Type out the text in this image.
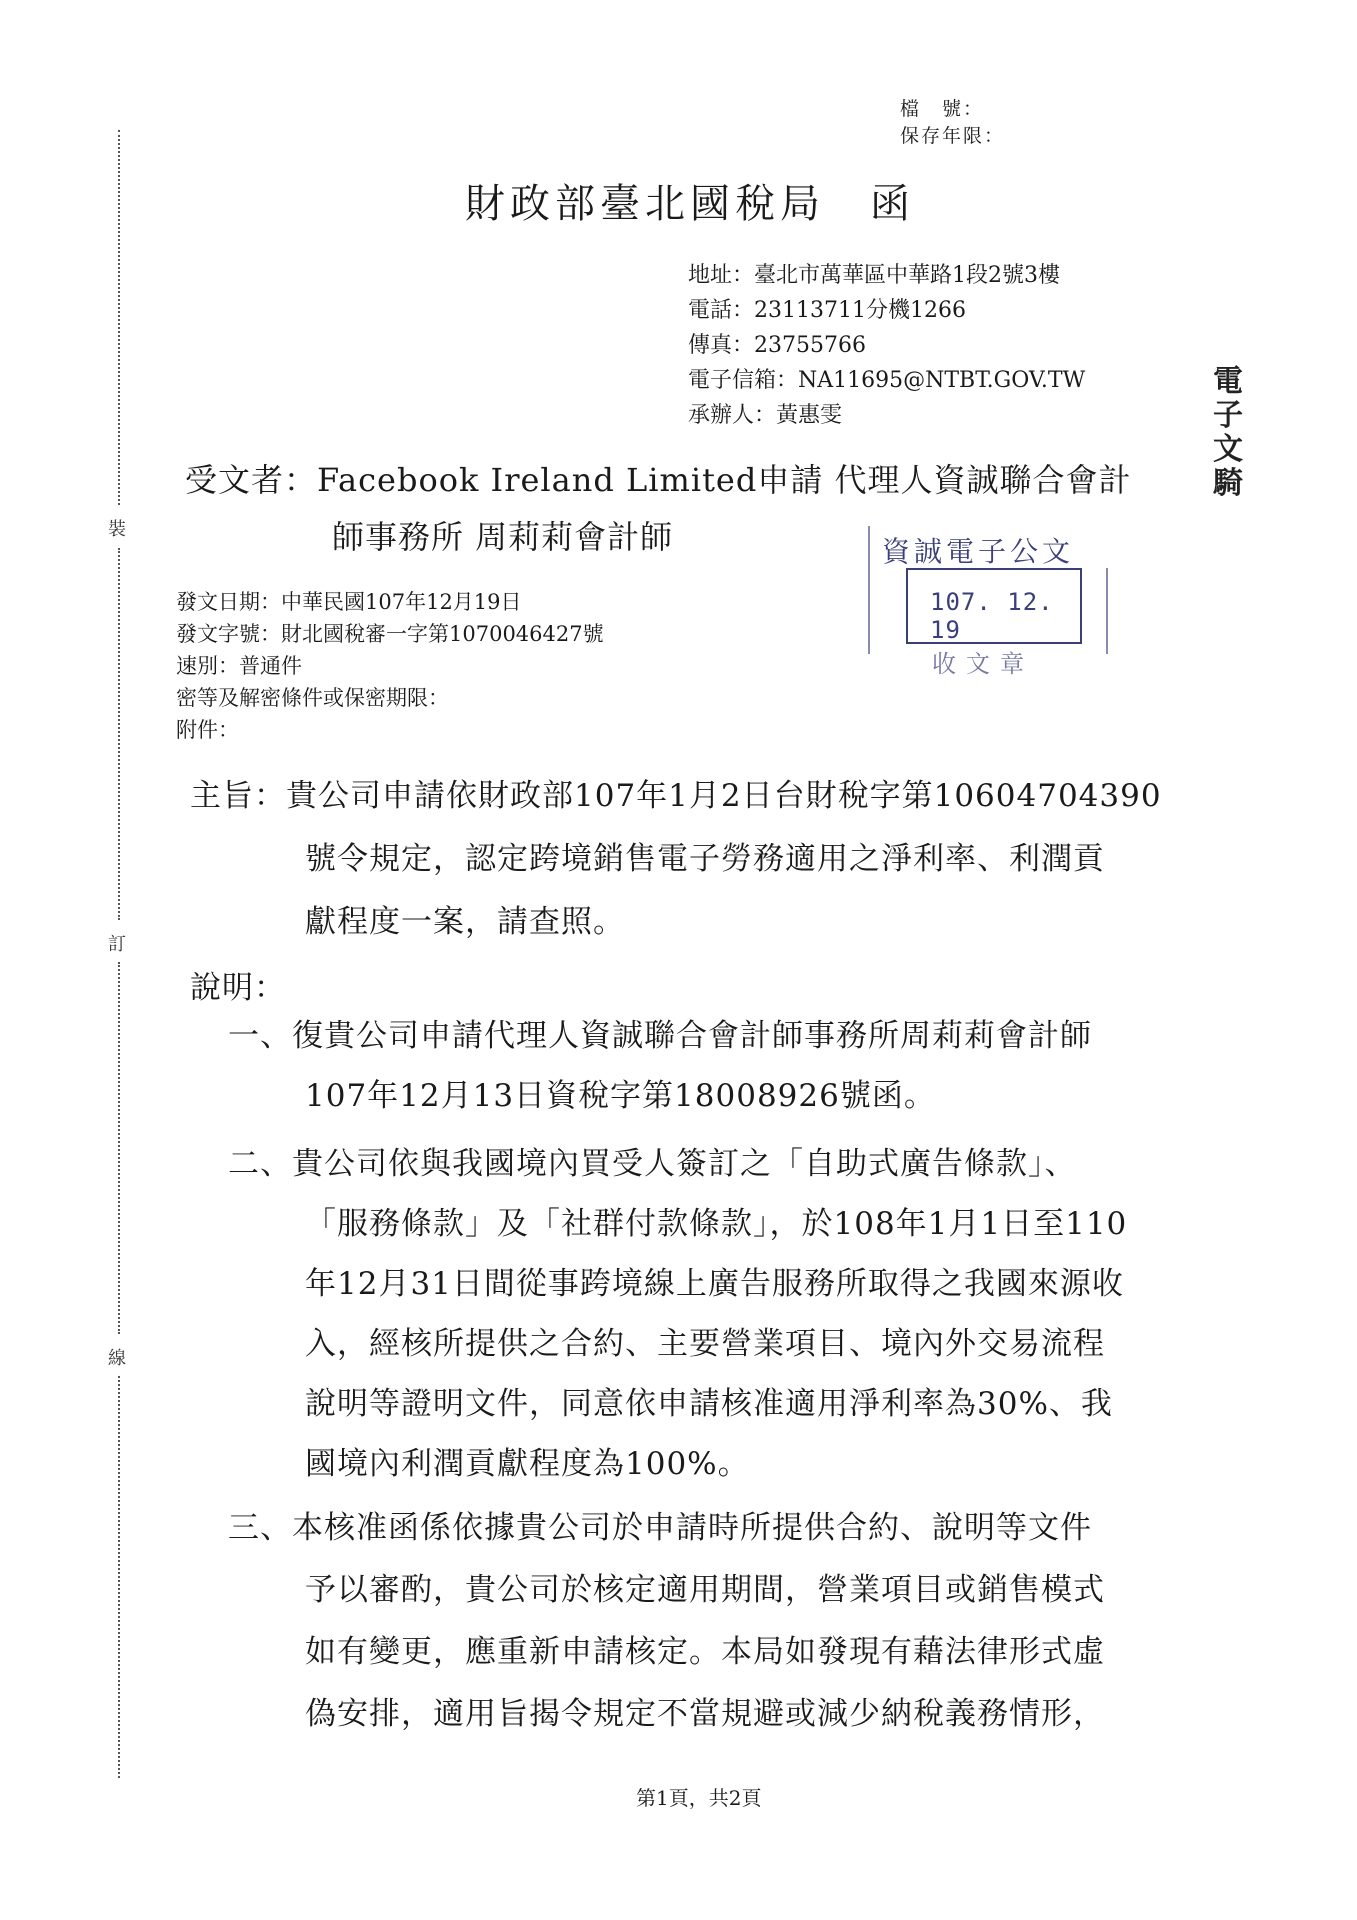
裝
訂
線
檔　號：
保存年限：
財政部臺北國稅局　函
地址：臺北市萬華區中華路1段2號3樓
電話：23113711分機1266
傳真：23755766
電子信箱：NA11695@NTBT.GOV.TW
承辦人：黃惠雯
電子文騎
受文者：Facebook Ireland Limited申請 代理人資誠聯合會計
師事務所 周莉莉會計師	資誠電子公文
107. 12. 19
收文章
發文日期：中華民國107年12月19日
發文字號：財北國稅審一字第1070046427號
速別：普通件
密等及解密條件或保密期限：
附件：
主旨：貴公司申請依財政部107年1月2日台財稅字第10604704390
號令規定，認定跨境銷售電子勞務適用之淨利率、利潤貢
獻程度一案，請查照。
說明：
一、復貴公司申請代理人資誠聯合會計師事務所周莉莉會計師
107年12月13日資稅字第18008926號函。
二、貴公司依與我國境內買受人簽訂之「自助式廣告條款」、
「服務條款」及「社群付款條款」，於108年1月1日至110
年12月31日間從事跨境線上廣告服務所取得之我國來源收
入，經核所提供之合約、主要營業項目、境內外交易流程
說明等證明文件，同意依申請核准適用淨利率為30%、我
國境內利潤貢獻程度為100%。
三、本核准函係依據貴公司於申請時所提供合約、說明等文件
予以審酌，貴公司於核定適用期間，營業項目或銷售模式
如有變更，應重新申請核定。本局如發現有藉法律形式虛
偽安排，適用旨揭令規定不當規避或減少納稅義務情形，
第1頁，共2頁
